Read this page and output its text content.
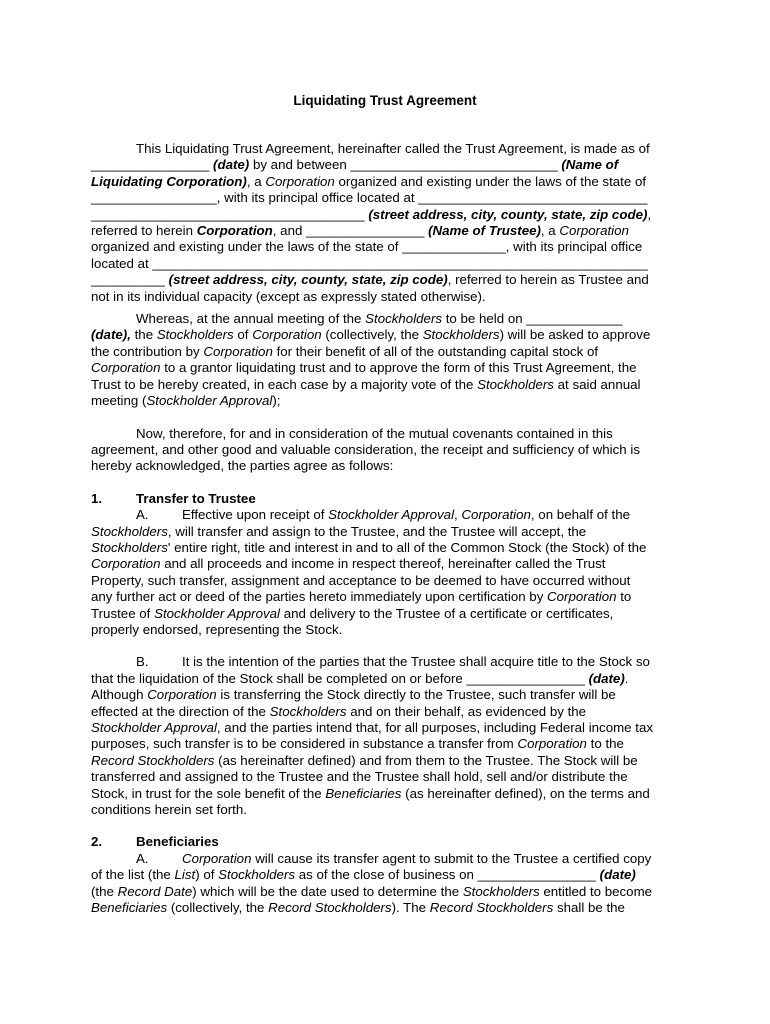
Liquidating Trust Agreement

This Liquidating Trust Agreement, hereinafter called the Trust Agreement, is made as of

________________ (date) by and between ____________________________ (Name of

Liquidating Corporation), a Corporation organized and existing under the laws of the state of

_________________, with its principal office located at _______________________________

_____________________________________ (street address, city, county, state, zip code),

referred to herein Corporation, and ________________ (Name of Trustee), a Corporation

organized and existing under the laws of the state of ______________, with its principal office

located at ___________________________________________________________________

__________ (street address, city, county, state, zip code), referred to herein as Trustee and

not in its individual capacity (except as expressly stated otherwise).

Whereas, at the annual meeting of the Stockholders to be held on _____________

(date), the Stockholders of Corporation (collectively, the Stockholders) will be asked to approve

the contribution by Corporation for their benefit of all of the outstanding capital stock of

Corporation to a grantor liquidating trust and to approve the form of this Trust Agreement, the

Trust to be hereby created, in each case by a majority vote of the Stockholders at said annual

meeting (Stockholder Approval);

Now, therefore, for and in consideration of the mutual covenants contained in this

agreement, and other good and valuable consideration, the receipt and sufficiency of which is

hereby acknowledged, the parties agree as follows:

1.	Transfer to Trustee

A.	Effective upon receipt of Stockholder Approval, Corporation, on behalf of the

Stockholders, will transfer and assign to the Trustee, and the Trustee will accept, the

Stockholders' entire right, title and interest in and to all of the Common Stock (the Stock) of the

Corporation and all proceeds and income in respect thereof, hereinafter called the Trust

Property, such transfer, assignment and acceptance to be deemed to have occurred without

any further act or deed of the parties hereto immediately upon certification by Corporation to

Trustee of Stockholder Approval and delivery to the Trustee of a certificate or certificates,

properly endorsed, representing the Stock.

B.	It is the intention of the parties that the Trustee shall acquire title to the Stock so

that the liquidation of the Stock shall be completed on or before ________________ (date).

Although Corporation is transferring the Stock directly to the Trustee, such transfer will be

effected at the direction of the Stockholders and on their behalf, as evidenced by the

Stockholder Approval, and the parties intend that, for all purposes, including Federal income tax

purposes, such transfer is to be considered in substance a transfer from Corporation to the

Record Stockholders (as hereinafter defined) and from them to the Trustee. The Stock will be

transferred and assigned to the Trustee and the Trustee shall hold, sell and/or distribute the

Stock, in trust for the sole benefit of the Beneficiaries (as hereinafter defined), on the terms and

conditions herein set forth.

2.	Beneficiaries

A.	Corporation will cause its transfer agent to submit to the Trustee a certified copy

of the list (the List) of Stockholders as of the close of business on ________________ (date)

(the Record Date) which will be the date used to determine the Stockholders entitled to become

Beneficiaries (collectively, the Record Stockholders). The Record Stockholders shall be the
